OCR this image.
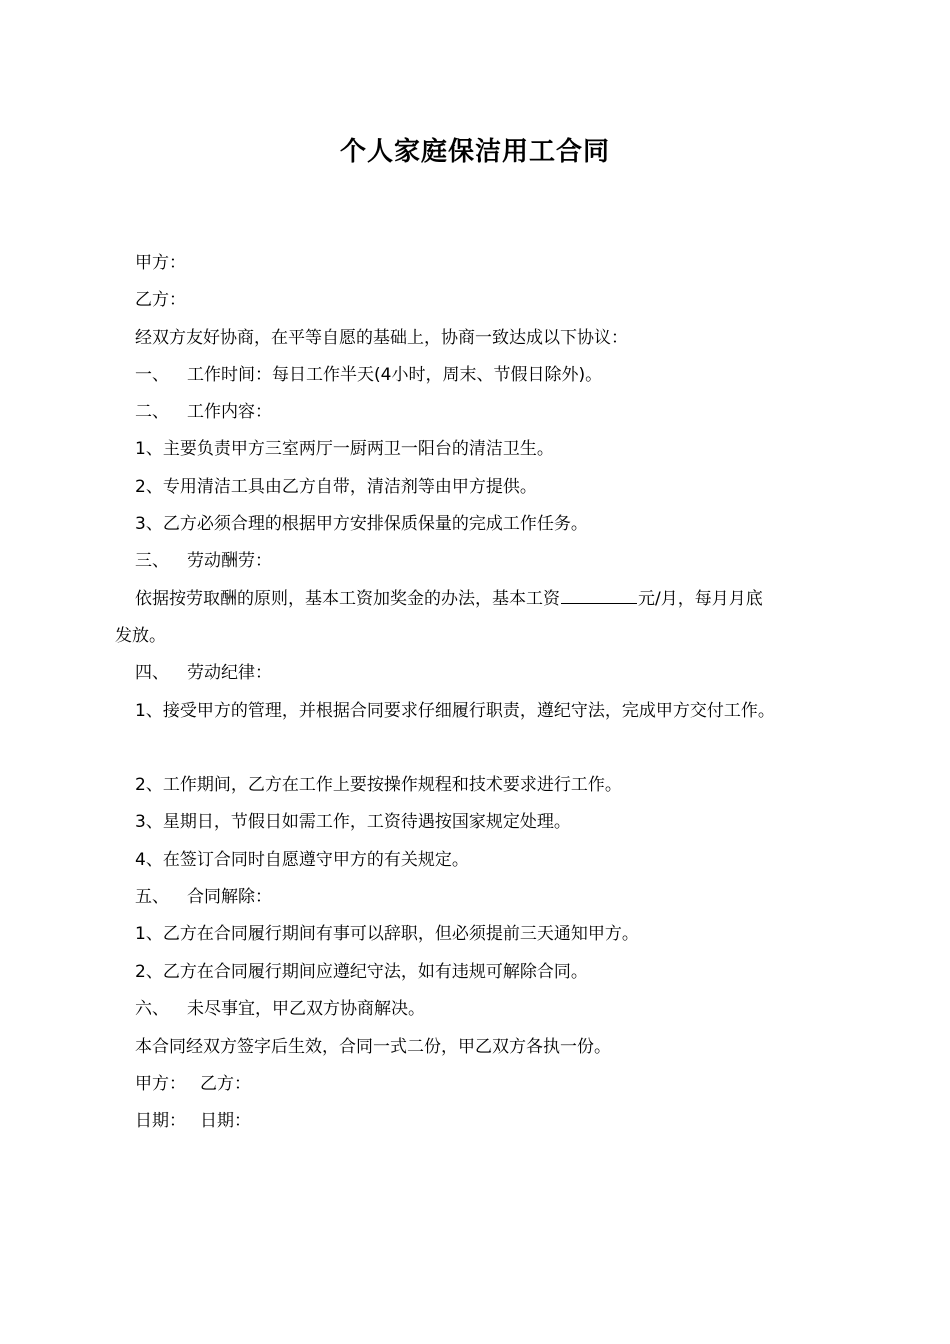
个人家庭保洁用工合同
甲方：
乙方：
经双方友好协商，在平等自愿的基础上，协商一致达成以下协议：
一、 工作时间：每日工作半天(4小时，周末、节假日除外)。
二、 工作内容：
1、主要负责甲方三室两厅一厨两卫一阳台的清洁卫生。
2、专用清洁工具由乙方自带，清洁剂等由甲方提供。
3、乙方必须合理的根据甲方安排保质保量的完成工作任务。
三、 劳动酬劳：
依据按劳取酬的原则，基本工资加奖金的办法，基本工资	元/月，每月月底
发放。
四、 劳动纪律：
1、接受甲方的管理，并根据合同要求仔细履行职责，遵纪守法，完成甲方交付工作。
2、工作期间，乙方在工作上要按操作规程和技术要求进行工作。
3、星期日，节假日如需工作，工资待遇按国家规定处理。
4、在签订合同时自愿遵守甲方的有关规定。
五、 合同解除：
1、乙方在合同履行期间有事可以辞职，但必须提前三天通知甲方。
2、乙方在合同履行期间应遵纪守法，如有违规可解除合同。
六、 未尽事宜，甲乙双方协商解决。
本合同经双方签字后生效，合同一式二份，甲乙双方各执一份。
甲方： 乙方：
日期： 日期：
